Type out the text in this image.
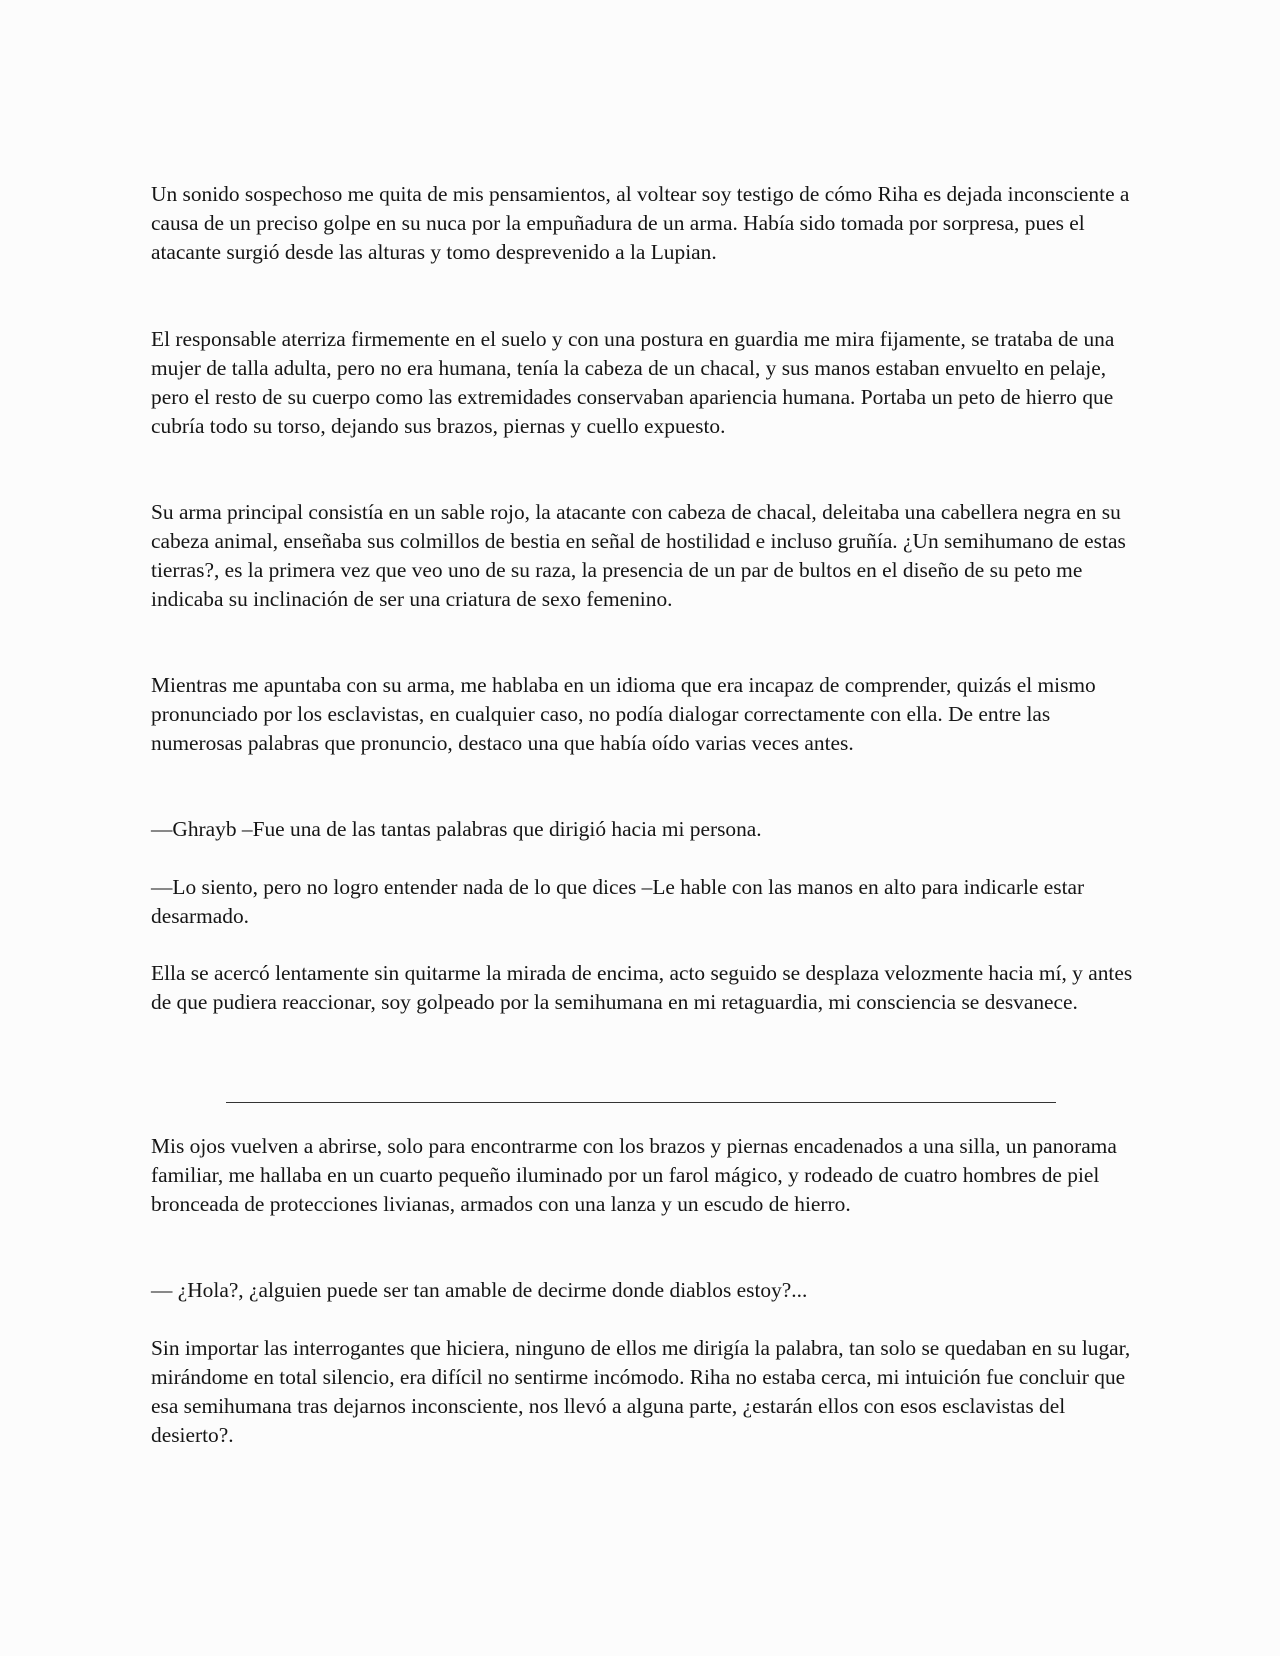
Un sonido sospechoso me quita de mis pensamientos, al voltear soy testigo de cómo Riha es dejada inconsciente a causa de un preciso golpe en su nuca por la empuñadura de un arma. Había sido tomada por sorpresa, pues el atacante surgió desde las alturas y tomo desprevenido a la Lupian.

El responsable aterriza firmemente en el suelo y con una postura en guardia me mira fijamente, se trataba de una mujer de talla adulta, pero no era humana, tenía la cabeza de un chacal, y sus manos estaban envuelto en pelaje, pero el resto de su cuerpo como las extremidades conservaban apariencia humana. Portaba un peto de hierro que cubría todo su torso, dejando sus brazos, piernas y cuello expuesto.

Su arma principal consistía en un sable rojo, la atacante con cabeza de chacal, deleitaba una cabellera negra en su cabeza animal, enseñaba sus colmillos de bestia en señal de hostilidad e incluso gruñía. ¿Un semihumano de estas tierras?, es la primera vez que veo uno de su raza, la presencia de un par de bultos en el diseño de su peto me indicaba su inclinación de ser una criatura de sexo femenino.

Mientras me apuntaba con su arma, me hablaba en un idioma que era incapaz de comprender, quizás el mismo pronunciado por los esclavistas, en cualquier caso, no podía dialogar correctamente con ella. De entre las numerosas palabras que pronuncio, destaco una que había oído varias veces antes.

—Ghrayb –Fue una de las tantas palabras que dirigió hacia mi persona.

—Lo siento, pero no logro entender nada de lo que dices –Le hable con las manos en alto para indicarle estar desarmado.

Ella se acercó lentamente sin quitarme la mirada de encima, acto seguido se desplaza velozmente hacia mí, y antes de que pudiera reaccionar, soy golpeado por la semihumana en mi retaguardia, mi consciencia se desvanece.

Mis ojos vuelven a abrirse, solo para encontrarme con los brazos y piernas encadenados a una silla, un panorama familiar, me hallaba en un cuarto pequeño iluminado por un farol mágico, y rodeado de cuatro hombres de piel bronceada de protecciones livianas, armados con una lanza y un escudo de hierro.

— ¿Hola?, ¿alguien puede ser tan amable de decirme donde diablos estoy?...

Sin importar las interrogantes que hiciera, ninguno de ellos me dirigía la palabra, tan solo se quedaban en su lugar, mirándome en total silencio, era difícil no sentirme incómodo. Riha no estaba cerca, mi intuición fue concluir que esa semihumana tras dejarnos inconsciente, nos llevó a alguna parte, ¿estarán ellos con esos esclavistas del desierto?.
